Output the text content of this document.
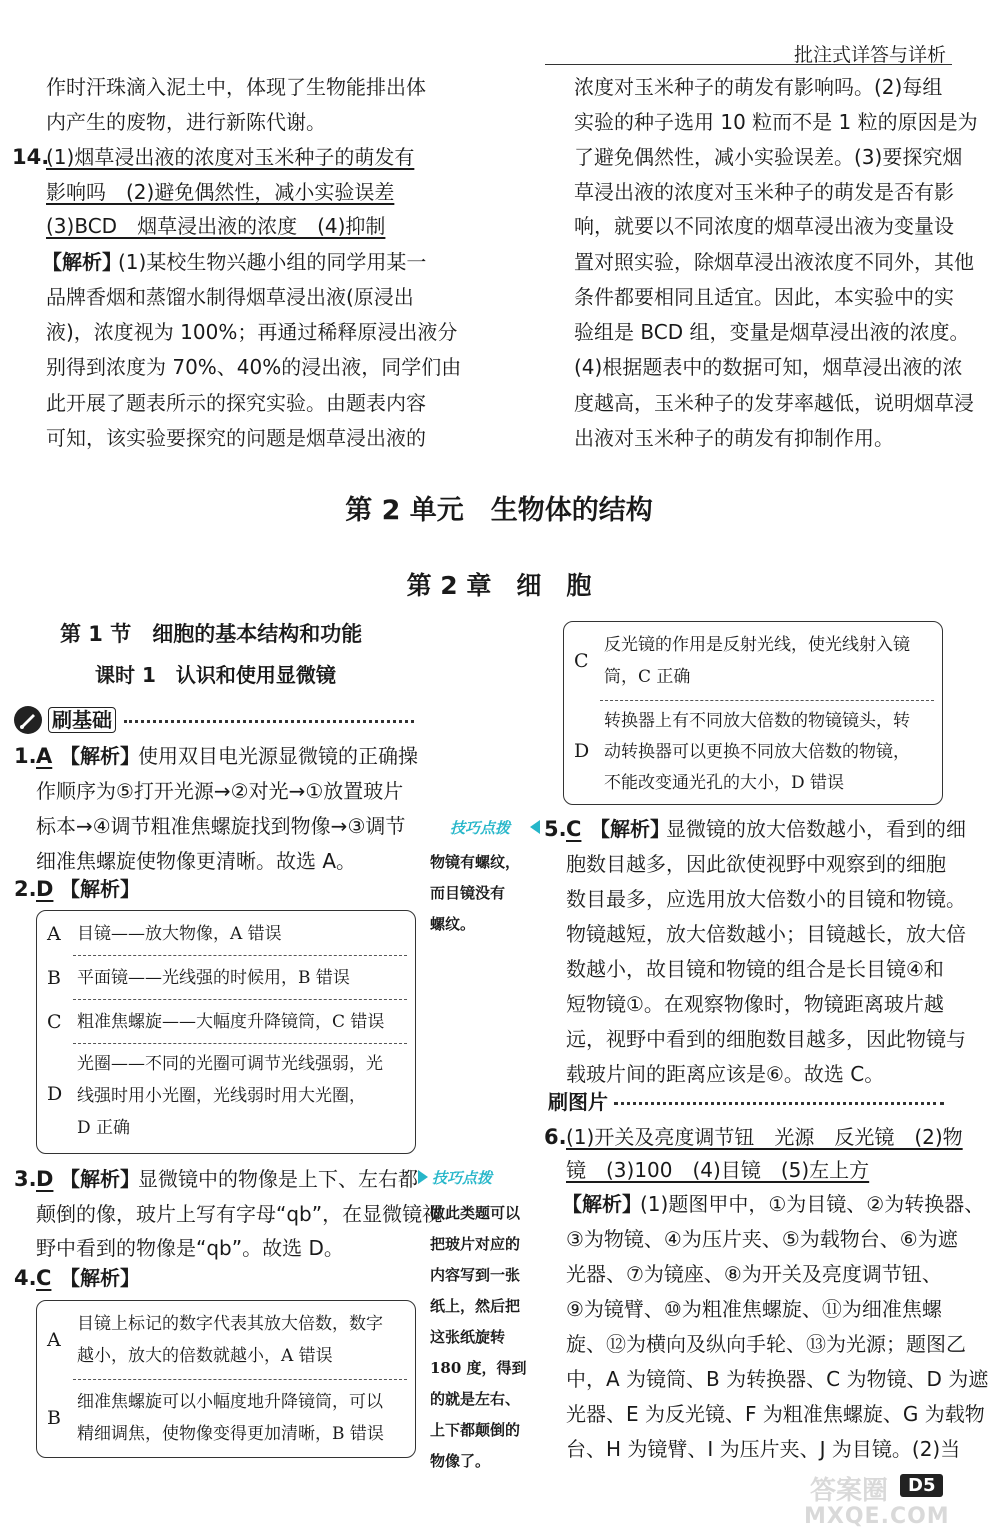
批注式详答与详析
作时汗珠滴入泥土中，体现了生物能排出体
内产生的废物，进行新陈代谢。
14.
(1)烟草浸出液的浓度对玉米种子的萌发有
影响吗　(2)避免偶然性，减小实验误差
(3)BCD　烟草浸出液的浓度　(4)抑制
【解析】
(1)某校生物兴趣小组的同学用某一
品牌香烟和蒸馏水制得烟草浸出液(原浸出
液)，浓度视为 100%；再通过稀释原浸出液分
别得到浓度为 70%、40%的浸出液，同学们由
此开展了题表所示的探究实验。由题表内容
可知，该实验要探究的问题是烟草浸出液的
浓度对玉米种子的萌发有影响吗。(2)每组
实验的种子选用 10 粒而不是 1 粒的原因是为
了避免偶然性，减小实验误差。(3)要探究烟
草浸出液的浓度对玉米种子的萌发是否有影
响，就要以不同浓度的烟草浸出液为变量设
置对照实验，除烟草浸出液浓度不同外，其他
条件都要相同且适宜。因此，本实验中的实
验组是 BCD 组，变量是烟草浸出液的浓度。
(4)根据题表中的数据可知，烟草浸出液的浓
度越高，玉米种子的发芽率越低，说明烟草浸
出液对玉米种子的萌发有抑制作用。
第 2 单元　生物体的结构
第 2 章　细　胞
第 1 节　细胞的基本结构和功能
课时 1　认识和使用显微镜
刷基础
1. A 【解析】
使用双目电光源显微镜的正确操
作顺序为⑤打开光源→②对光→①放置玻片
标本→④调节粗准焦螺旋找到物像→③调节
细准焦螺旋使物像更清晰。故选 A。
2. D 【解析】
A 目镜——放大物像，A 错误
B 平面镜——光线强的时候用，B 错误
C 粗准焦螺旋——大幅度升降镜筒，C 错误
D
光圈——不同的光圈可调节光线强弱，光
线强时用小光圈，光线弱时用大光圈，
D 正确
3. D 【解析】
显微镜中的物像是上下、左右都
颠倒的像，玻片上写有字母“qb”，在显微镜视
野中看到的物像是“qb”。故选 D。
4. C 【解析】
A
目镜上标记的数字代表其放大倍数，数字
越小，放大的倍数就越小，A 错误
B
细准焦螺旋可以小幅度地升降镜筒，可以
精细调焦，使物像变得更加清晰，B 错误
C
反光镜的作用是反射光线，使光线射入镜
筒，C 正确
D
转换器上有不同放大倍数的物镜镜头，转
动转换器可以更换不同放大倍数的物镜，
不能改变通光孔的大小，D 错误
技巧点拨
物镜有螺纹，
而目镜没有
螺纹。
5. C 【解析】
显微镜的放大倍数越小，看到的细
胞数目越多，因此欲使视野中观察到的细胞
数目最多，应选用放大倍数小的目镜和物镜。
物镜越短，放大倍数越小；目镜越长，放大倍
数越小，故目镜和物镜的组合是长目镜④和
短物镜①。在观察物像时，物镜距离玻片越
远，视野中看到的细胞数目越多，因此物镜与
载玻片间的距离应该是⑥。故选 C。
刷图片
技巧点拨
做此类题可以
把玻片对应的
内容写到一张
纸上，然后把
这张纸旋转
180 度，得到
的就是左右、
上下都颠倒的
物像了。
6. (1)开关及亮度调节钮　光源　反光镜　(2)物
镜　(3)100　(4)目镜　(5)左上方
【解析】
(1)题图甲中，①为目镜、②为转换器、
③为物镜、④为压片夹、⑤为载物台、⑥为遮
光器、⑦为镜座、⑧为开关及亮度调节钮、
⑨为镜臂、⑩为粗准焦螺旋、⑪为细准焦螺
旋、⑫为横向及纵向手轮、⑬为光源；题图乙
中，A 为镜筒、B 为转换器、C 为物镜、D 为遮
光器、E 为反光镜、F 为粗准焦螺旋、G 为载物
台、H 为镜臂、I 为压片夹、J 为目镜。(2)当
D5
答案圈
MXQE.COM
